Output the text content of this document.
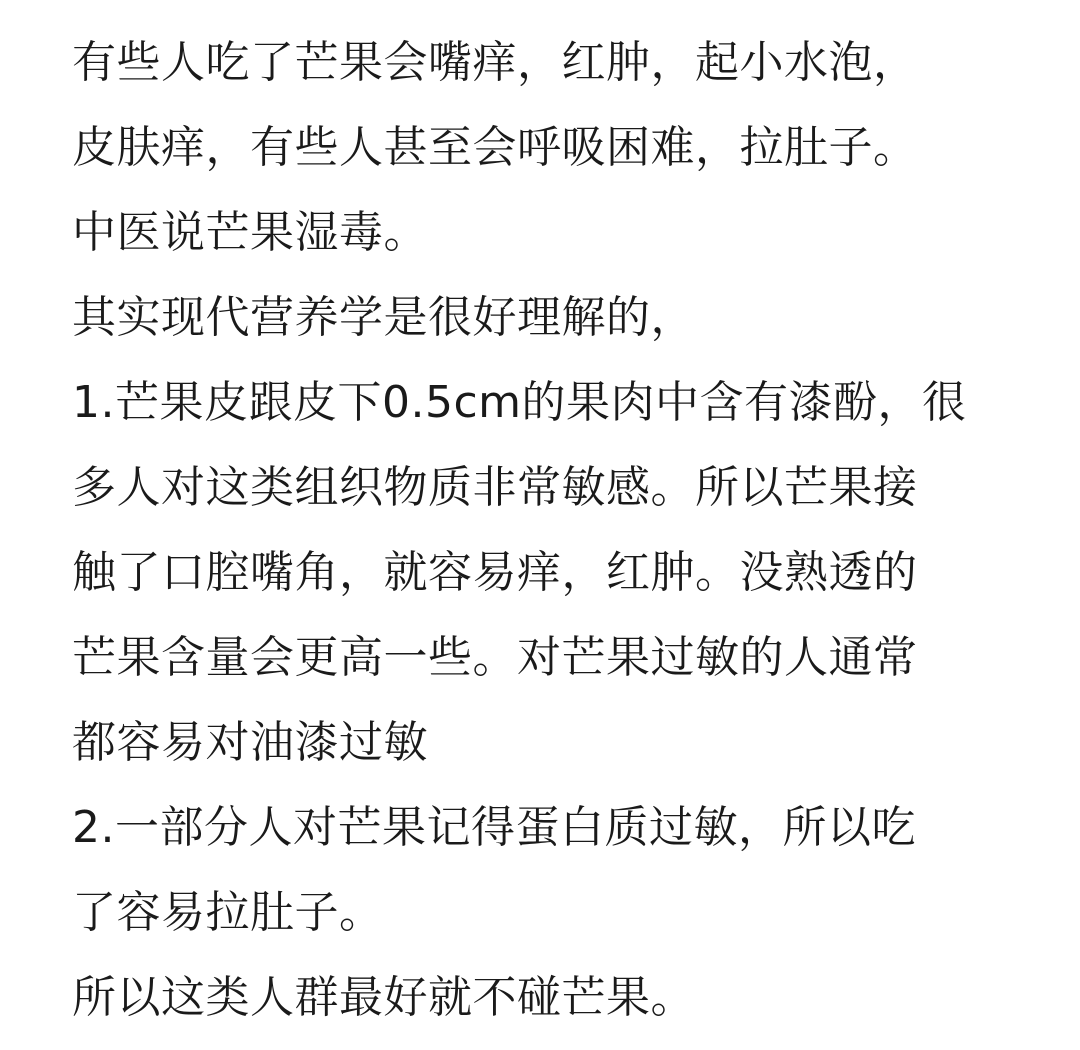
有些人吃了芒果会嘴痒，红肿，起小水泡，
皮肤痒，有些人甚至会呼吸困难，拉肚子。
中医说芒果湿毒。
其实现代营养学是很好理解的，
1.芒果皮跟皮下0.5cm的果肉中含有漆酚，很
多人对这类组织物质非常敏感。所以芒果接
触了口腔嘴角，就容易痒，红肿。没熟透的
芒果含量会更高一些。对芒果过敏的人通常
都容易对油漆过敏
2.一部分人对芒果记得蛋白质过敏，所以吃
了容易拉肚子。
所以这类人群最好就不碰芒果。
